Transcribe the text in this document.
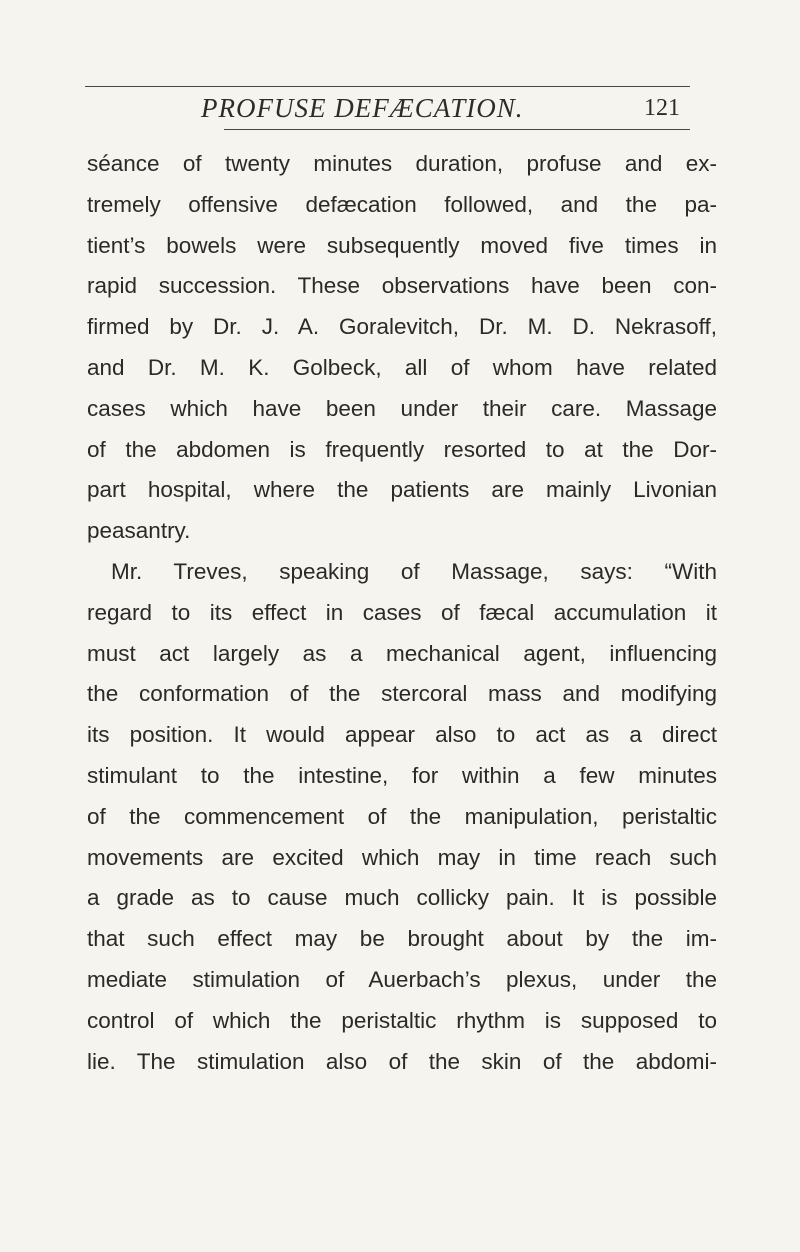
PROFUSE DEFÆCATION.	121
séance of twenty minutes duration, profuse and ex-
tremely offensive defæcation followed, and the pa-
tient’s bowels were subsequently moved five times in
rapid succession. These observations have been con-
firmed by Dr. J. A. Goralevitch, Dr. M. D. Nekrasoff,
and Dr. M. K. Golbeck, all of whom have related
cases which have been under their care. Massage
of the abdomen is frequently resorted to at the Dor-
part hospital, where the patients are mainly Livonian
peasantry.
Mr. Treves, speaking of Massage, says: “With
regard to its effect in cases of fæcal accumulation it
must act largely as a mechanical agent, influencing
the conformation of the stercoral mass and modifying
its position. It would appear also to act as a direct
stimulant to the intestine, for within a few minutes
of the commencement of the manipulation, peristaltic
movements are excited which may in time reach such
a grade as to cause much collicky pain. It is possible
that such effect may be brought about by the im-
mediate stimulation of Auerbach’s plexus, under the
control of which the peristaltic rhythm is supposed to
lie. The stimulation also of the skin of the abdomi-
